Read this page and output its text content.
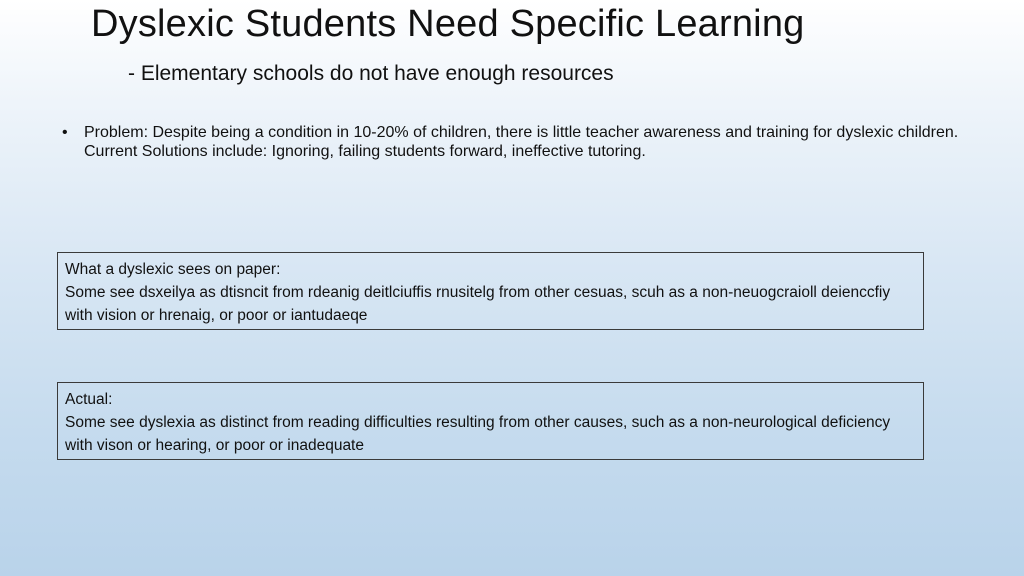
Dyslexic Students Need Specific Learning
- Elementary schools do not have enough resources
•	Problem: Despite being a condition in 10-20% of children, there is little teacher awareness and training for dyslexic children. Current Solutions include: Ignoring, failing students forward, ineffective tutoring.

What a dyslexic sees on paper:

Some see dsxeilya as dtisncit from rdeanig deitlciuffis rnusitelg from other cesuas, scuh as a non-neuogcraioll deienccfiy with vision or hrenaig, or poor or iantudaeqe

Actual:

Some see dyslexia as distinct from reading difficulties resulting from other causes, such as a non-neurological deficiency with vison or hearing, or poor or inadequate
